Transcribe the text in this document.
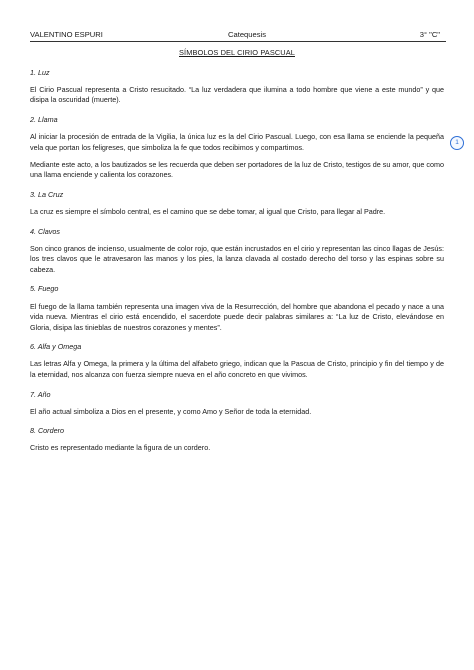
VALENTINO ESPURI	Catequesis	3° "C"
SÍMBOLOS DEL CIRIO PASCUAL
1. Luz
El Cirio Pascual representa a Cristo resucitado. “La luz verdadera que ilumina a todo hombre que viene a este mundo” y que disipa la oscuridad (muerte).
2. Llama
Al iniciar la procesión de entrada de la Vigilia, la única luz es la del Cirio Pascual. Luego, con esa llama se enciende la pequeña vela que portan los feligreses, que simboliza la fe que todos recibimos y compartimos.
Mediante este acto, a los bautizados se les recuerda que deben ser portadores de la luz de Cristo, testigos de su amor, que como una llama enciende y calienta los corazones.
3. La Cruz
La cruz es siempre el símbolo central, es el camino que se debe tomar, al igual que Cristo, para llegar al Padre.
4. Clavos
Son cinco granos de incienso, usualmente de color rojo, que están incrustados en el cirio y representan las cinco llagas de Jesús: los tres clavos que le atravesaron las manos y los pies, la lanza clavada al costado derecho del torso y las espinas sobre su cabeza.
5. Fuego
El fuego de la llama también representa una imagen viva de la Resurrección, del hombre que abandona el pecado y nace a una vida nueva. Mientras el cirio está encendido, el sacerdote puede decir palabras similares a: “La luz de Cristo, elevándose en Gloria, disipa las tinieblas de nuestros corazones y mentes”.
6. Alfa y Omega
Las letras Alfa y Omega, la primera y la última del alfabeto griego, indican que la Pascua de Cristo, principio y fin del tiempo y de la eternidad, nos alcanza con fuerza siempre nueva en el año concreto en que vivimos.
7. Año
El año actual simboliza a Dios en el presente, y como Amo y Señor de toda la eternidad.
8. Cordero
Cristo es representado mediante la figura de un cordero.
1
